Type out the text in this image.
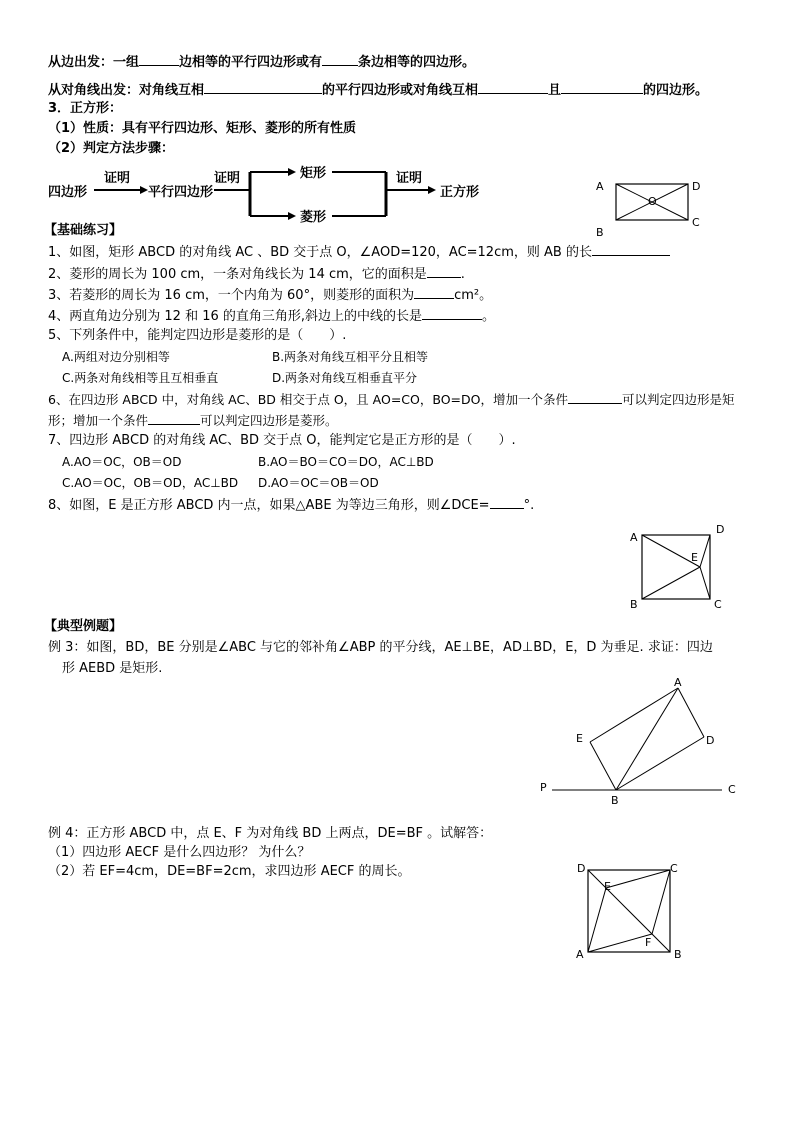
从边出发：一组	边相等的平行四边形或有	条边相等的四边形。
从对角线出发：对角线互相	的平行四边形或对角线互相	且	的四边形。
3．正方形：
（1）性质：具有平行四边形、矩形、菱形的所有性质
（2）判定方法步骤：
四边形
证明
平行四边形
证明	矩形
菱形
证明
正方形	A	D
C
B
O
【基础练习】
1、如图，矩形 ABCD 的对角线 AC 、BD 交于点 O，∠AOD=120，AC=12cm，则 AB 的长
2、菱形的周长为 100 cm，一条对角线长为 14 cm，它的面积是	.
3、若菱形的周长为 16 cm，一个内角为 60°，则菱形的面积为	cm²。
4、两直角边分别为 12 和 16 的直角三角形,斜边上的中线的长是	。
5、下列条件中，能判定四边形是菱形的是（　　）.
A.两组对边分别相等	B.两条对角线互相平分且相等
C.两条对角线相等且互相垂直	D.两条对角线互相垂直平分
6、在四边形 ABCD 中，对角线 AC、BD 相交于点 O，且 AO=CO，BO=DO，增加一个条件	可以判定四边形是矩
形；增加一个条件	可以判定四边形是菱形。
7、四边形 ABCD 的对角线 AC、BD 交于点 O，能判定它是正方形的是（　　）.
A.AO＝OC，OB＝OD	B.AO＝BO＝CO＝DO，AC⊥BD
C.AO＝OC，OB＝OD，AC⊥BD D.AO＝OC＝OB＝OD
8、如图，E 是正方形 ABCD 内一点，如果△ABE 为等边三角形，则∠DCE=	°.
A
D
B	C
E
【典型例题】
例 3：如图，BD，BE 分别是∠ABC 与它的邻补角∠ABP 的平分线，AE⊥BE，AD⊥BD，E，D 为垂足. 求证：四边
形 AEBD 是矩形.
A
E	D
P
B
C
例 4：正方形 ABCD 中，点 E、F 为对角线 BD 上两点，DE=BF 。试解答：
（1）四边形 AECF 是什么四边形？ 为什么？
（2）若 EF=4cm，DE=BF=2cm，求四边形 AECF 的周长。	D	C
E
F
A	B
